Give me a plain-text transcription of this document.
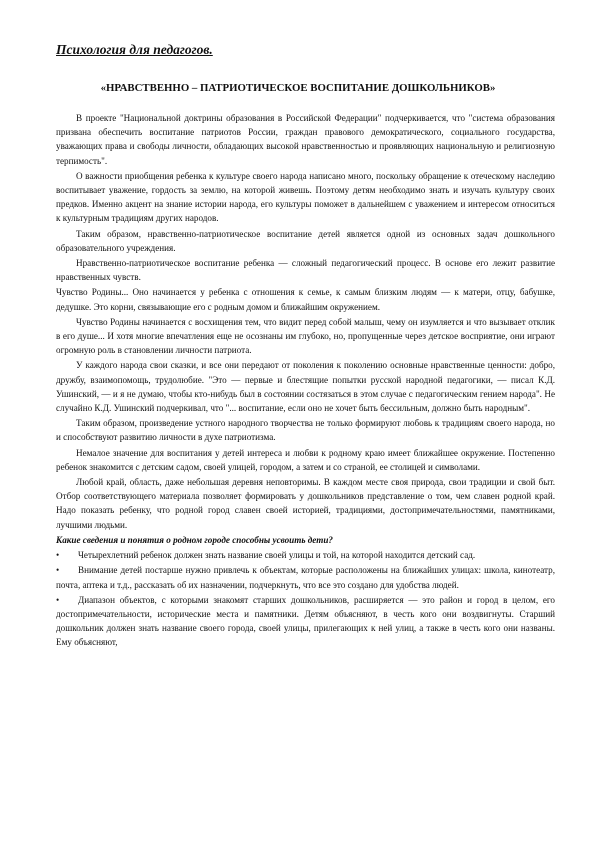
Психология для педагогов.
«НРАВСТВЕННО – ПАТРИОТИЧЕСКОЕ ВОСПИТАНИЕ ДОШКОЛЬНИКОВ»

В проекте "Национальной доктрины образования в Российской Федерации" подчеркивается, что "система образования призвана обеспечить воспитание патриотов России, граждан правового демократического, социального государства, уважающих права и свободы личности, обладающих высокой нравственностью и проявляющих национальную и религиозную терпимость".

О важности приобщения ребенка к культуре своего народа написано много, поскольку обращение к отеческому наследию воспитывает уважение, гордость за землю, на которой живешь. Поэтому детям необходимо знать и изучать культуру своих предков. Именно акцент на знание истории народа, его культуры поможет в дальнейшем с уважением и интересом относиться к культурным традициям других народов.

Таким образом, нравственно-патриотическое воспитание детей является одной из основных задач дошкольного образовательного учреждения.

Нравственно-патриотическое воспитание ребенка — сложный педагогический процесс. В основе его лежит развитие нравственных чувств.

Чувство Родины... Оно начинается у ребенка с отношения к семье, к самым близким людям — к матери, отцу, бабушке, дедушке. Это корни, связывающие его с родным домом и ближайшим окружением.

Чувство Родины начинается с восхищения тем, что видит перед собой малыш, чему он изумляется и что вызывает отклик в его душе... И хотя многие впечатления еще не осознаны им глубоко, но, пропущенные через детское восприятие, они играют огромную роль в становлении личности патриота.

У каждого народа свои сказки, и все они передают от поколения к поколению основные нравственные ценности: добро, дружбу, взаимопомощь, трудолюбие. "Это — первые и блестящие попытки русской народной педагогики, — писал К.Д. Ушинский, — и я не думаю, чтобы кто-нибудь был в состоянии состязаться в этом случае с педагогическим гением народа". Не случайно К.Д. Ушинский подчеркивал, что "... воспитание, если оно не хочет быть бессильным, должно быть народным".

Таким образом, произведение устного народного творчества не только формируют любовь к традициям своего народа, но и способствуют развитию личности в духе патриотизма.

Немалое значение для воспитания у детей интереса и любви к родному краю имеет ближайшее окружение. Постепенно ребенок знакомится с детским садом, своей улицей, городом, а затем и со страной, ее столицей и символами.

Любой край, область, даже небольшая деревня неповторимы. В каждом месте своя природа, свои традиции и свой быт. Отбор соответствующего материала позволяет формировать у дошкольников представление о том, чем славен родной край. Надо показать ребенку, что родной город славен своей историей, традициями, достопримечательностями, памятниками, лучшими людьми.

Какие сведения и понятия о родном городе способны усвоить дети?

• Четырехлетний ребенок должен знать название своей улицы и той, на которой находится детский сад.

• Внимание детей постарше нужно привлечь к объектам, которые расположены на ближайших улицах: школа, кинотеатр, почта, аптека и т.д., рассказать об их назначении, подчеркнуть, что все это создано для удобства людей.

• Диапазон объектов, с которыми знакомят старших дошкольников, расширяется — это район и город в целом, его достопримечательности, исторические места и памятники. Детям объясняют, в честь кого они воздвигнуты. Старший дошкольник должен знать название своего города, своей улицы, прилегающих к ней улиц, а также в честь кого они названы. Ему объясняют,
